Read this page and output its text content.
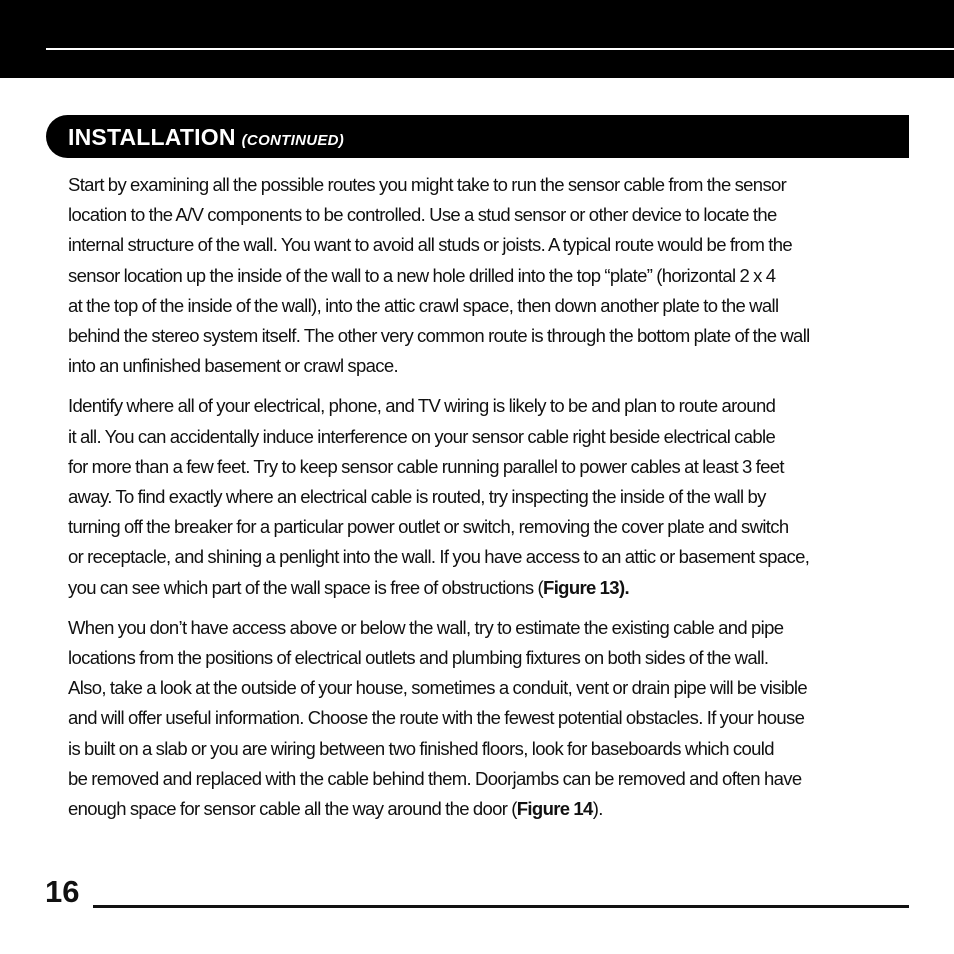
INSTALLATION (CONTINUED)

Start by examining all the possible routes you might take to run the sensor cable from the sensor
location to the A/V components to be controlled. Use a stud sensor or other device to locate the
internal structure of the wall. You want to avoid all studs or joists. A typical route would be from the
sensor location up the inside of the wall to a new hole drilled into the top “plate” (horizontal 2 x 4
at the top of the inside of the wall), into the attic crawl space, then down another plate to the wall
behind the stereo system itself. The other very common route is through the bottom plate of the wall
into an unfinished basement or crawl space.

Identify where all of your electrical, phone, and TV wiring is likely to be and plan to route around
it all. You can accidentally induce interference on your sensor cable right beside electrical cable
for more than a few feet. Try to keep sensor cable running parallel to power cables at least 3 feet
away. To find exactly where an electrical cable is routed, try inspecting the inside of the wall by
turning off the breaker for a particular power outlet or switch, removing the cover plate and switch
or receptacle, and shining a penlight into the wall. If you have access to an attic or basement space,
you can see which part of the wall space is free of obstructions (Figure 13).

When you don’t have access above or below the wall, try to estimate the existing cable and pipe
locations from the positions of electrical outlets and plumbing fixtures on both sides of the wall.
Also, take a look at the outside of your house, sometimes a conduit, vent or drain pipe will be visible
and will offer useful information. Choose the route with the fewest potential obstacles. If your house
is built on a slab or you are wiring between two finished floors, look for baseboards which could
be removed and replaced with the cable behind them. Doorjambs can be removed and often have
enough space for sensor cable all the way around the door (Figure 14).

16
